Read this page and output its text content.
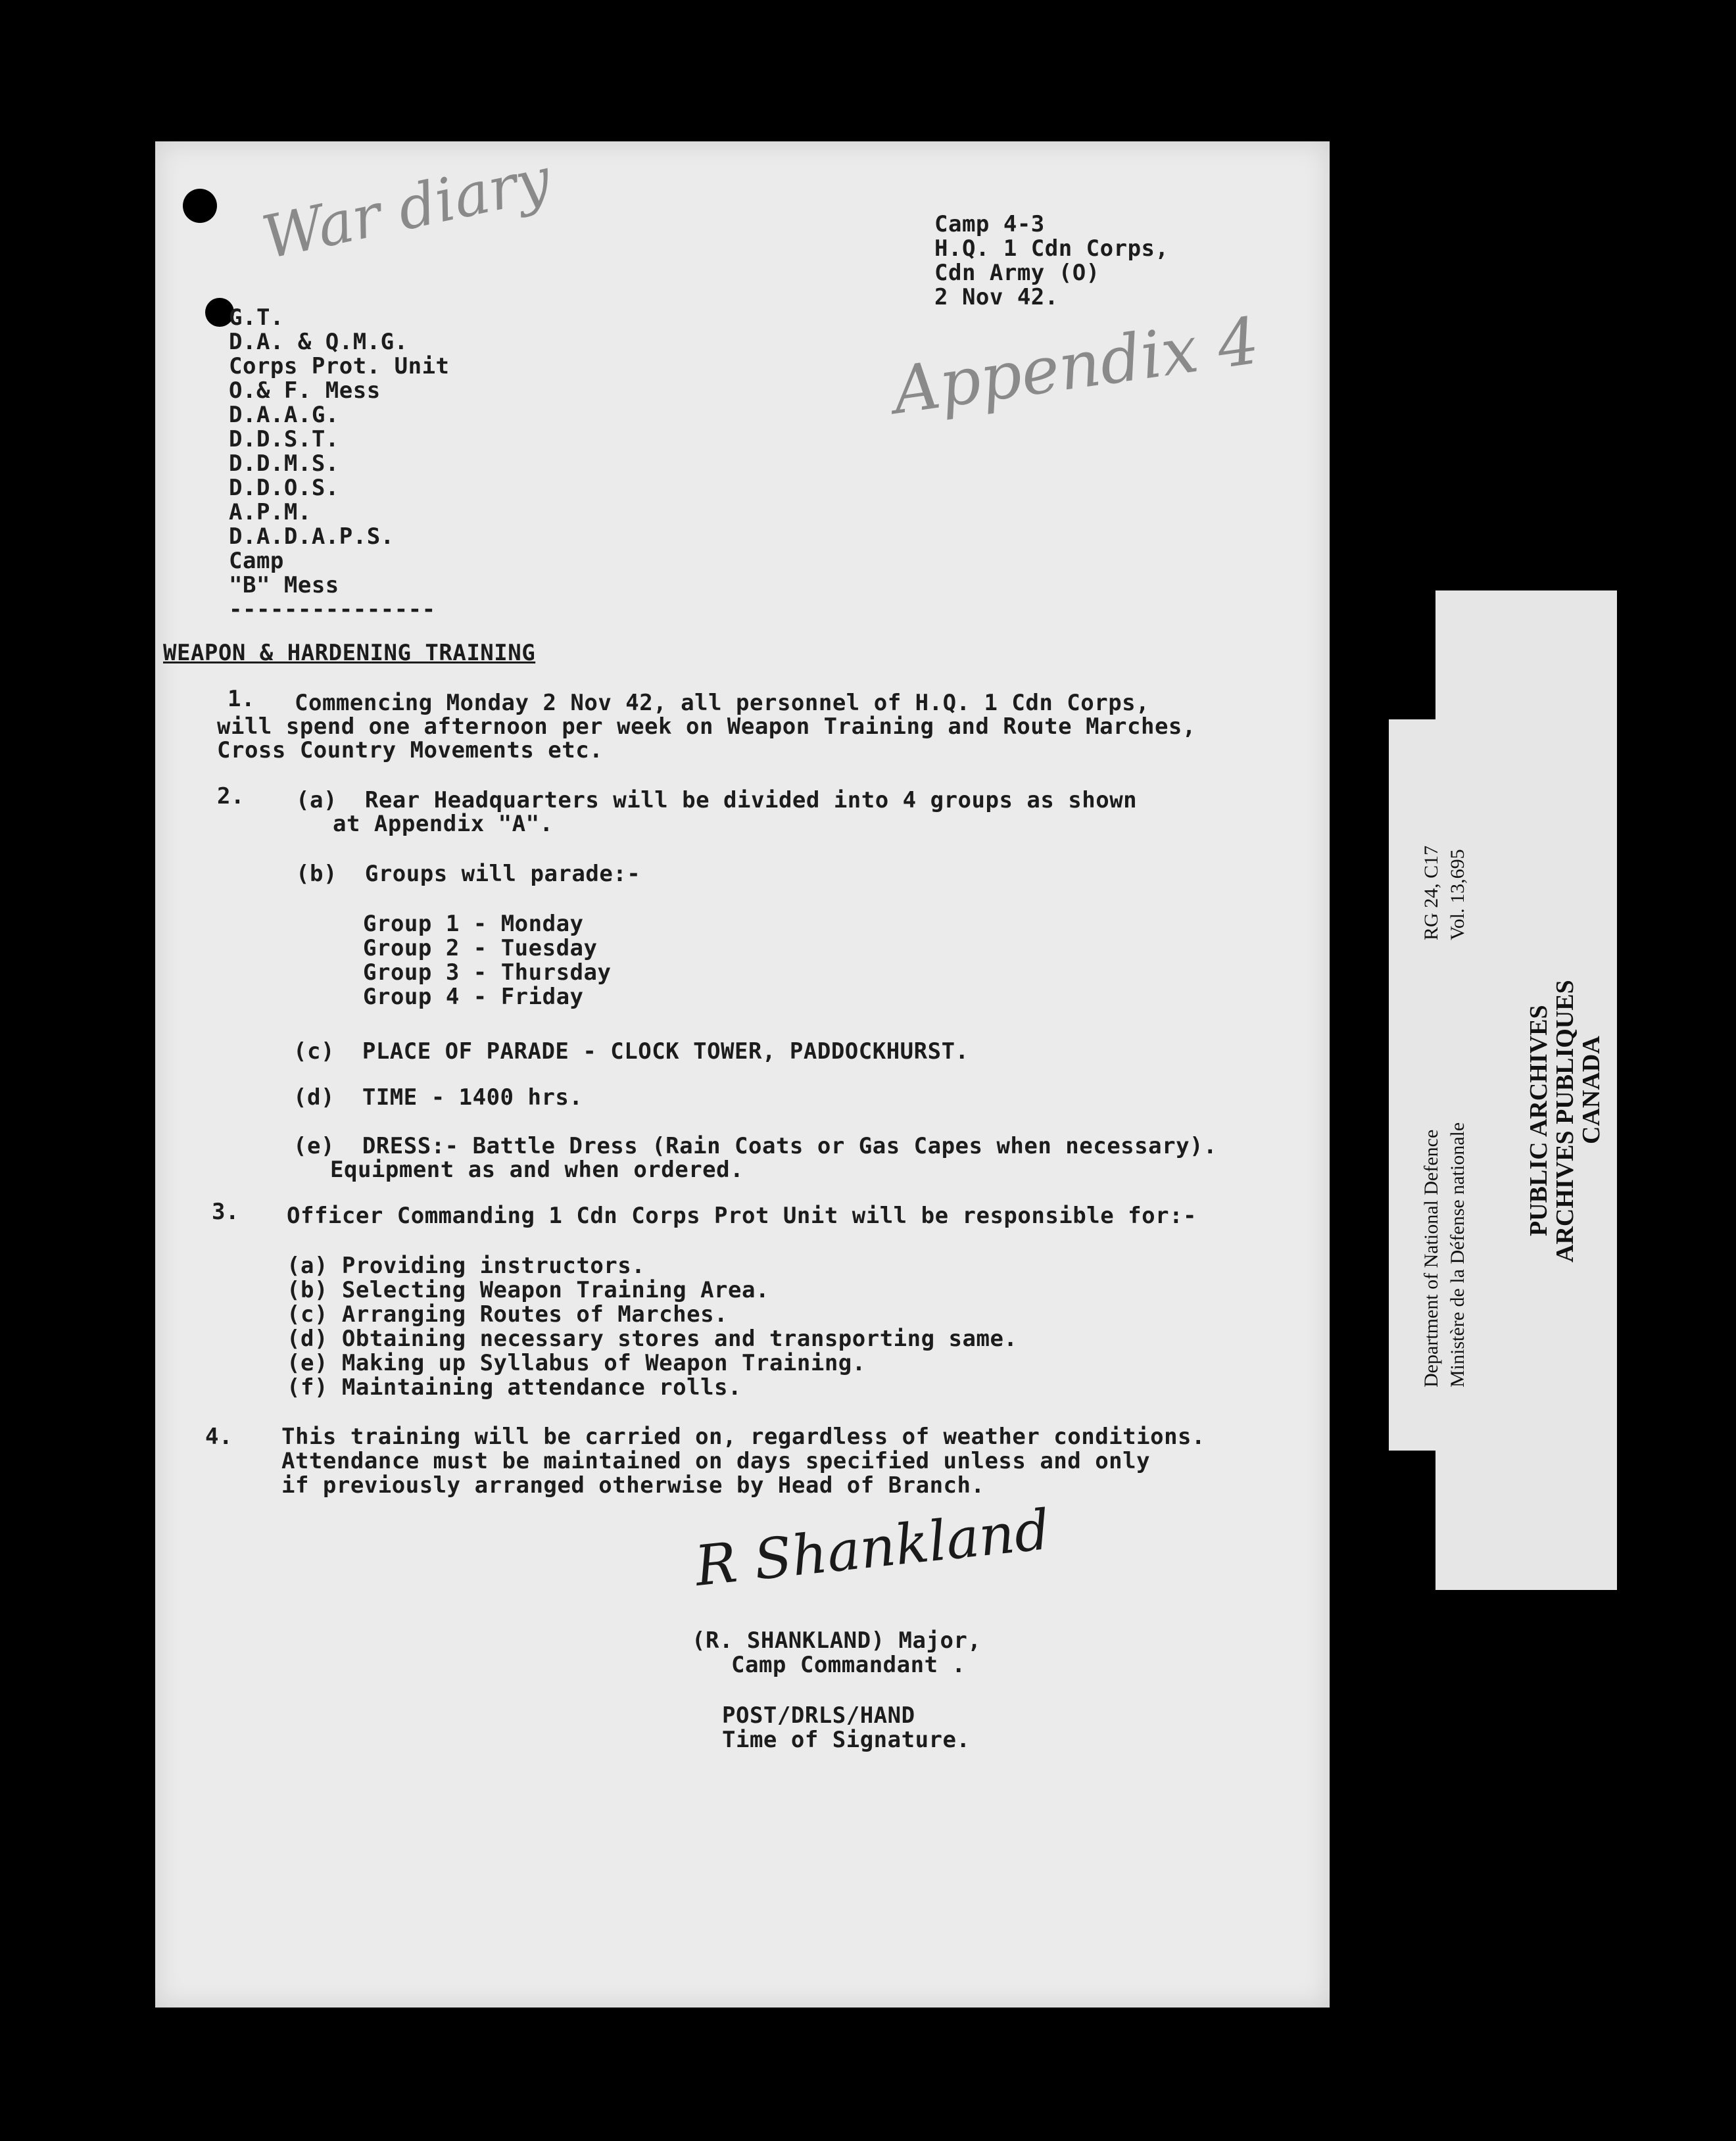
War diary
Appendix 4
Camp 4-3
H.Q. 1 Cdn Corps,
Cdn Army (O)
2 Nov 42.
G.T.
D.A. & Q.M.G.
Corps Prot. Unit
O.& F. Mess
D.A.A.G.
D.D.S.T.
D.D.M.S.
D.D.O.S.
A.P.M.
D.A.D.A.P.S.
Camp
"B" Mess
---------------
WEAPON & HARDENING TRAINING
1. Commencing Monday 2 Nov 42, all personnel of H.Q. 1 Cdn Corps,
will spend one afternoon per week on Weapon Training and Route Marches,
Cross Country Movements etc.
2. (a)  Rear Headquarters will be divided into 4 groups as shown
at Appendix "A".
(b)  Groups will parade:-
Group 1 - Monday
Group 2 - Tuesday
Group 3 - Thursday
Group 4 - Friday
(c)  PLACE OF PARADE - CLOCK TOWER, PADDOCKHURST.
(d)  TIME - 1400 hrs.
(e)  DRESS:- Battle Dress (Rain Coats or Gas Capes when necessary).
Equipment as and when ordered.
3. Officer Commanding 1 Cdn Corps Prot Unit will be responsible for:-
(a) Providing instructors.
(b) Selecting Weapon Training Area.
(c) Arranging Routes of Marches.
(d) Obtaining necessary stores and transporting same.
(e) Making up Syllabus of Weapon Training.
(f) Maintaining attendance rolls.
4. This training will be carried on, regardless of weather conditions.
Attendance must be maintained on days specified unless and only
if previously arranged otherwise by Head of Branch.
R Shankland
(R. SHANKLAND) Major,
Camp Commandant .
POST/DRLS/HAND
Time of Signature.
Department of National Defence Ministère de la Défense nationale
RG 24, C17 Vol. 13,695
PUBLIC ARCHIVES
ARCHIVES PUBLIQUES
CANADA
